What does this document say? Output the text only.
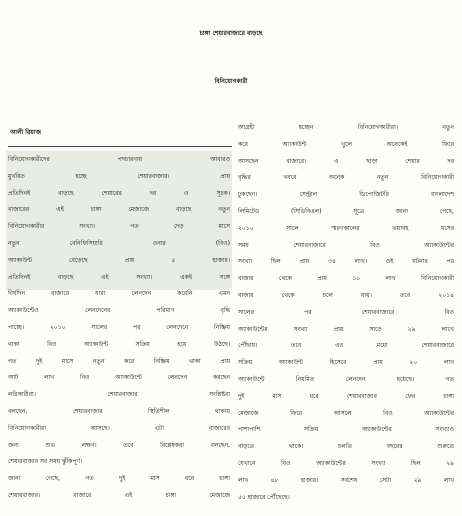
চাঙ্গা শেয়ারবাজারে বাড়ছে
বিনিয়োগকারী
আলী রিয়াজ
বিনিয়োগকারীদের পদচারণায় আবারও
মুখরিত হচ্ছে শেয়ারবাজার। প্রায়
প্রতিদিনই বাড়ছে শেয়ারের দর ও সূচক।
বাজারের এই চাঙ্গা মেজাজে বাড়ছে নতুন
বিনিয়োগকারীর সংখ্যা। গত দেড় মাসে
নতুন বেনিফিসিয়ারি ওনার (বিও)
অ্যাকাউন্ট বেড়েছে প্রায় ৫ হাজার।
প্রতিদিনই বাড়ছে এই সংখ্যা। একই সঙ্গে
দীর্ঘদিন বাজারে যারা লেনদেন করেনি এমন
অ্যাকাউন্টেও লেনদেনের পরিমাণ বৃদ্ধি
পাচ্ছে। ২০১০ সালের পর লেনদেনে নিষ্ক্রিয়
থাকা বিও অ্যাকাউন্ট সক্রিয় হয়ে উঠছে।
গত দুই মাসে নতুন করে নিষ্ক্রিয় থাকা প্রায়
আট লাখ বিও অ্যাকাউন্টে লেনদেন করছেন
লগ্নিকারীরা। শেয়ারবাজার সংশ্লিষ্টরা
বলছেন, শেয়ারবাজার স্থিতিশীল থাকায়
বিনিয়োগকারীরা আসছে। এটা বাজারের
জন্য শুভ লক্ষণ। তবে বিশ্লেষকরা বলছেন,
শেয়ারবাজার সব সময় ঝুঁকিপূর্ণ।
জানা গেছে, গত দুই মাস ধরে চাঙ্গা
শেয়ারবাজার। বাজারে এই চাঙ্গা মেজাজে
আগ্রহী হচ্ছেন বিনিয়োগকারীরা। নতুন
করে অ্যাকাউন্ট খুলে অনেকেই ফিরে
আসছেন বাজারে। এ ছাড়া শেয়ার দর
বৃদ্ধির খবরে অনেক নতুন বিনিয়োগকারী
ঢুকছেন। সেন্ট্রাল ডিপোজিটরি বাংলাদেশ
লিমিটেড (সিডিবিএল) সূত্রে জানা গেছে,
২০১০ সালে স্মরণকালের ভয়াবহ ধসের
সময় শেয়ারবাজারে বিও অ্যাকাউন্টের
সংখ্যা ছিল প্রায় ৩৪ লাখ। ওই ঘটনার পর
বাজার থেকে প্রায় ১০ লাখ বিনিয়োগকারী
বাজার থেকে চলে যায়। তবে ২০১৪
সালের পর শেয়ারবাজারে বিও
অ্যাকাউন্টের সংখ্যা প্রায় সাড়ে ২৯ লাখে
পৌঁছায়। তবে এর মধ্যে শেয়ারবাজারে
সক্রিয় অ্যাকাউন্ট হিসেবে প্রায় ২০ লাখ
অ্যাকাউন্টে নিয়মিত লেনদেন হয়েছে। গত
দুই মাস ধরে শেয়ারবাজার ফের চাঙ্গা
মেজাজে ফিরে আসলে বিও অ্যাকাউন্টের
পাশাপাশি সক্রিয় অ্যাকাউন্টের সংখ্যাও
বাড়তে থাকে। চলতি বছরের শুরুতে
যেখানে বিও অ্যাকাউন্টের সংখ্যা ছিল ২৯
লাখ ৪৮ হাজার। সর্বশেষ সেটা ২৯ লাখ
৫৫ হাজারে পৌঁছেছে।
